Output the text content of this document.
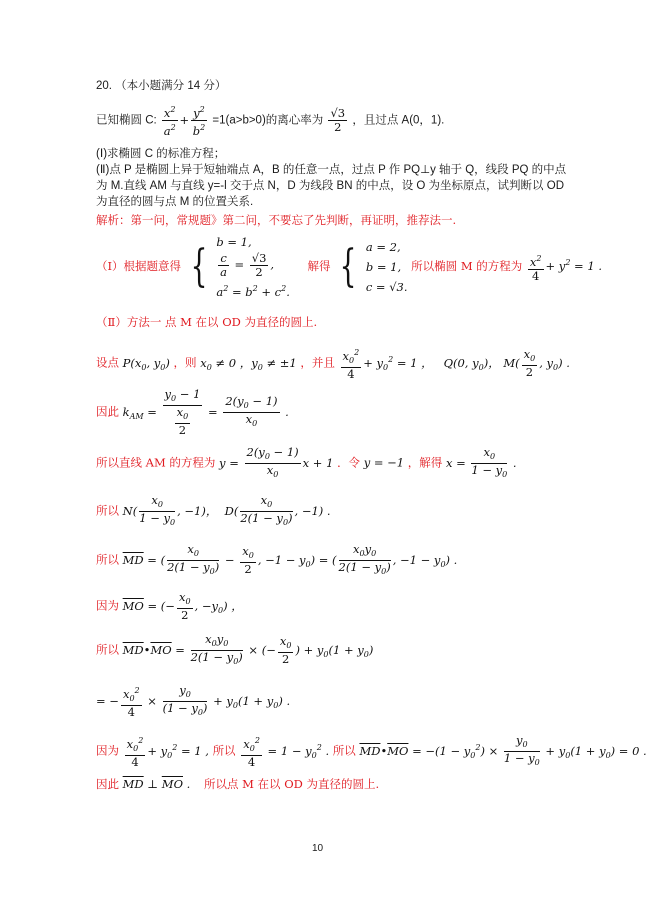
20. （本小题满分 14 分）
已知椭圆 C: $\frac{x^2}{a^2} + \frac{y^2}{b^2} =1(a>b>0)$的离心率为 $\frac{√3}{2}$ ，且过点 A(0，1).
(Ⅰ)求椭圆 C 的标准方程；
(Ⅱ)点 P 是椭圆上异于短轴端点 A，B 的任意一点，过点 P 作 PQ⊥y 轴于 Q，线段 PQ 的中点
为 M.直线 AM 与直线 y=-l 交于点 N，D 为线段 BN 的中点，设 O 为坐标原点，试判断以 OD
为直径的圆与点 M 的位置关系.
解析：第一问，常规题》第二问，不要忘了先判断，再证明，推荐法一.
（Ⅰ）根据题意得 { b = 1,
$\frac{c}{a} = \frac{√3}{2}$ ,
$a^2 = b^2 + c^2$.
解得 { a = 2,
b = 1,
c = √3.
所以椭圆 M 的方程为 $\frac{x^2}{4} + y^2 = 1$ .
（Ⅱ）方法一 点 M 在以 OD 为直径的圆上.
设点 $P(x_0$, $y_0$) ，则 $x_0 \ne 0$ ，$y_0 \ne \pm 1$ ，并且 $\frac{x_0^2}{4} + y_0^2 = 1$ ，   Q(0, $y_0$)， $M( \frac{x_0}{2}$ , $y_0$) .
因此 $k_{AM} = \frac{y_0 - 1}{\frac{x_0}{2}} = \frac{2(y_0 - 1)}{x_0}$ .
所以直线 AM 的方程为 $y = \frac{2(y_0 - 1)}{x_0}$ x + 1 ．令 y = −1 ，解得 $x = \frac{x_0}{1 - y_0}$ .
所以 $N( \frac{x_0}{1 - y_0}$ , −1)，  $D( \frac{x_0}{2(1 - y_0)}$ , −1) .
所以 $\overline{MD}$ = ( $\frac{x_0}{2(1 - y_0)} - \frac{x_0}{2}$ , $-1 - y_0$) = ( $\frac{x_0y_0}{2(1 - y_0)}$ , $-1 - y_0$) .
因为 $\overline{MO}$ = (− $\frac{x_0}{2}$ , $-y_0$) ，
所以 $\overline{MD}•\overline{MO} = \frac{x_0y_0}{2(1 - y_0)}$ × (− $\frac{x_0}{2}$ ) + $y_0(1 + y_0)$
= − $\frac{x_0^2}{4} \times \frac{y_0}{(1 - y_0)} + y_0(1 + y_0)$ .
因为 $\frac{x_0^2}{4} + y_0^2 = 1$ , 所以 $\frac{x_0^2}{4} = 1 - y_0^2$ . 所以 $\overline{MD}•\overline{MO} = -(1 - y_0^2) \times \frac{y_0}{1 - y_0} + y_0(1 + y_0) = 0$ .
因此 $\overline{MD}$ ⊥ $\overline{MO}$ . 所以点 M 在以 OD 为直径的圆上.
10
